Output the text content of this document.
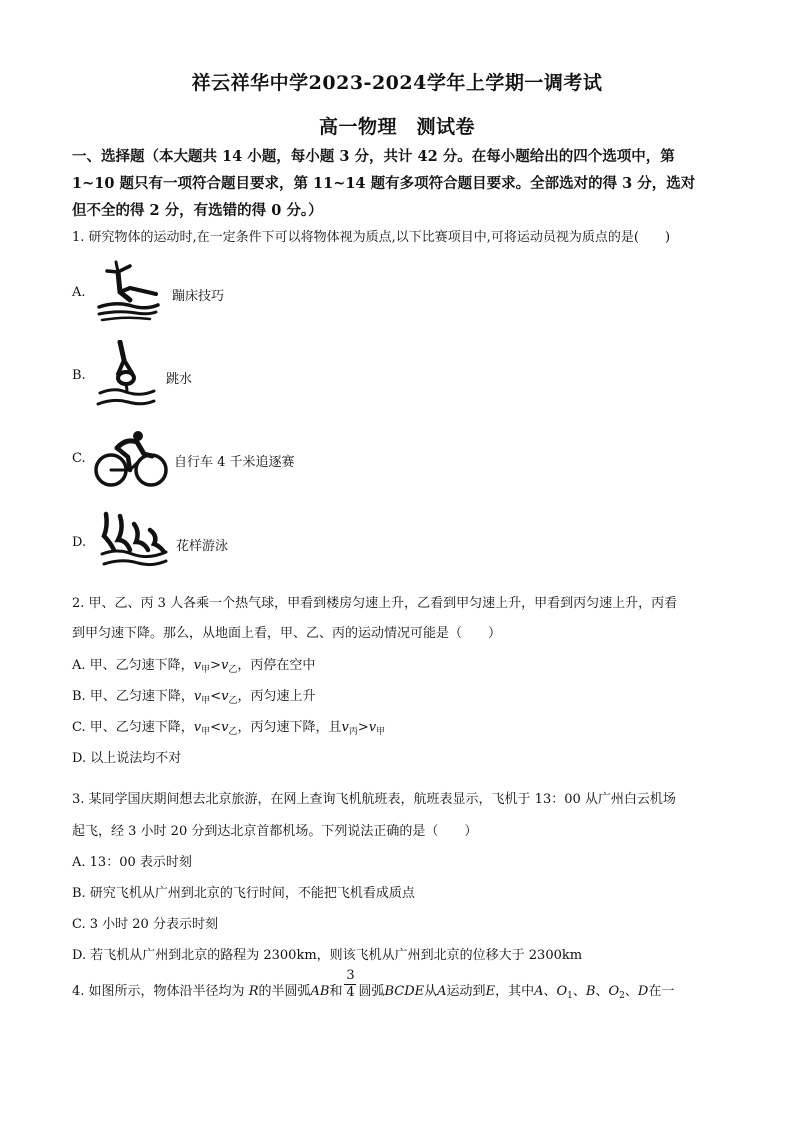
祥云祥华中学2023-2024学年上学期一调考试
高一物理　测试卷
一、选择题（本大题共 14 小题，每小题 3 分，共计 42 分。在每小题给出的四个选项中，第
1~10 题只有一项符合题目要求，第 11~14 题有多项符合题目要求。全部选对的得 3 分，选对
但不全的得 2 分，有选错的得 0 分。）
1. 研究物体的运动时,在一定条件下可以将物体视为质点,以下比赛项目中,可将运动员视为质点的是(　　)
A.	蹦床技巧
B.	跳水
C.	自行车 4 千米追逐赛
D.	花样游泳
2. 甲、乙、丙 3 人各乘一个热气球，甲看到楼房匀速上升，乙看到甲匀速上升，甲看到丙匀速上升，丙看
到甲匀速下降。那么，从地面上看，甲、乙、丙的运动情况可能是（　　）
A. 甲、乙匀速下降，$v_甲>v_乙$，丙停在空中
B. 甲、乙匀速下降，$v_甲<v_乙$，丙匀速上升
C. 甲、乙匀速下降，$v_甲<v_乙$，丙匀速下降，且$v_丙>v_甲$
D. 以上说法均不对
3. 某同学国庆期间想去北京旅游，在网上查询飞机航班表，航班表显示，飞机于 13：00 从广州白云机场
起飞，经 3 小时 20 分到达北京首都机场。下列说法正确的是（　　）
A. 13：00 表示时刻
B. 研究飞机从广州到北京的飞行时间，不能把飞机看成质点
C. 3 小时 20 分表示时刻
D. 若飞机从广州到北京的路程为 2300km，则该飞机从广州到北京的位移大于 2300km
4. 如图所示，物体沿半径均为 R的半圆弧AB和 圆弧BCDE从A运动到E，其中A、$O_1$、B、$O_2$、D在一
$\frac{3}{4}$
